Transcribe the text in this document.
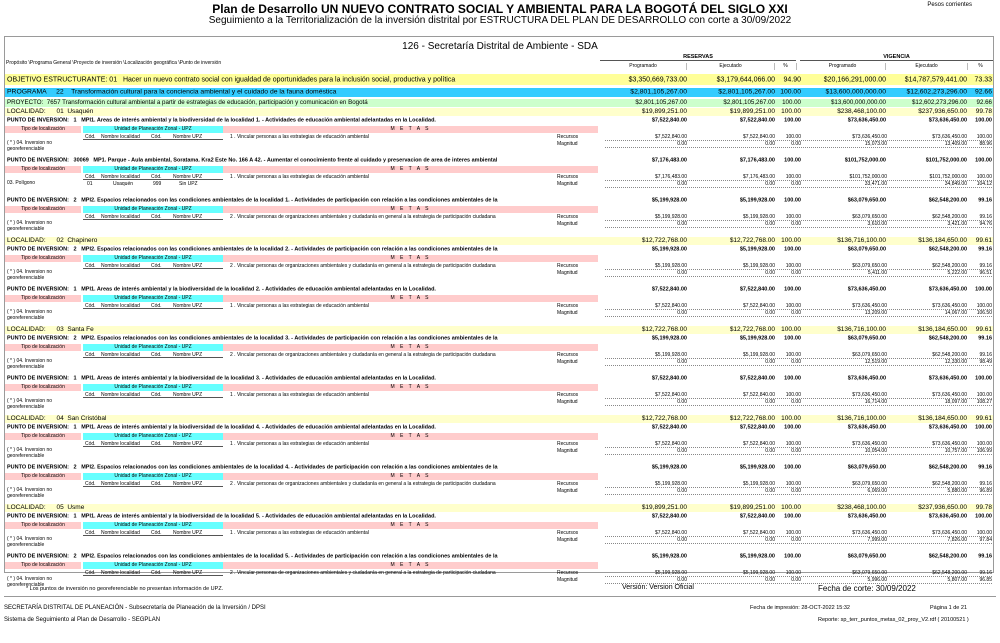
Plan de Desarrollo UN NUEVO CONTRATO SOCIAL Y AMBIENTAL PARA LA BOGOTÁ DEL SIGLO XXI
Seguimiento a la Territorialización de la inversión distrital por ESTRUCTURA DEL PLAN DE DESARROLLO con corte a 30/09/2022
Pesos corrientes
126 - Secretaría Distrital de Ambiente - SDA
Propósito \Programa General \Proyecto de inversión \Localización geográfica \Punto de inversión
RESERVAS	VIGENCIA
Programado	Ejecutado	%	Programado	Ejecutado	%
OBJETIVO ESTRUCTURANTE: 01 Hacer un nuevo contrato social con igualdad de oportunidades para la inclusión social, productiva y política	$3,350,669,733.00	$3,179,644,066.00	94.90	$20,166,291,000.00	$14,787,579,441.00	73.33
PROGRAMA 22 Transformación cultural para la conciencia ambiental y el cuidado de la fauna doméstica	$2,801,105,267.00	$2,801,105,267.00 100.00	$13,600,000,000.00	$12,602,273,296.00	92.66
PROYECTO: 7657 Transformación cultural ambiental a partir de estrategias de educación, participación y comunicación en Bogotá	$2,801,105,267.00	$2,801,105,267.00	100.00	$13,600,000,000.00	$12,602,273,296.00	92.66
LOCALIDAD: 01 Usaquén	$19,899,251.00	$19,899,251.00 100.00	$238,468,100.00	$237,936,650.00	99.78
PUNTO DE INVERSIÓN: 1 MPI1. Areas de interés ambiental y la biodiversidad de la localidad 1. - Actividades de educación ambiental adelantadas en la Localidad.	$7,522,840.00	$7,522,840.00	100.00	$73,636,450.00	$73,636,450.00	100.00
Tipo de localización	Unidad de Planeación Zonal - UPZ	M E T A S
Cód. Nombre localidad Cód. Nombre UPZ
( * ) 04. Inversion no georeferenciable
1 . Vincular personas a las estrategias de educación ambiental	Recursos
Magnitud
$7,522,840.00	$7,522,840.00	100.00	$73,636,450.00	$73,636,450.00	100.00
0.00	0.00	0.00	15,073.00	13,409.00	88.96
PUNTO DE INVERSIÓN: 30069 MP1. Parque - Aula ambiental, Soratama. Kra2 Este No. 166 A 42. - Aumentar el conocimiento frente al cuidado y preservacion de area de interes ambiental	$7,176,483.00	$7,176,483.00	100.00	$101,752,000.00	$101,752,000.00	100.00
Tipo de localización	Unidad de Planeación Zonal - UPZ	M E T A S
Cód. Nombre localidad Cód. Nombre UPZ
03. Polígono	01	Usaquén	999	Sin UPZ
1 . Vincular personas a las estrategias de educación ambiental	Recursos
Magnitud
$7,176,483.00	$7,176,483.00	100.00	$101,752,000.00	$101,752,000.00	100.00
0.00	0.00	0.00	33,471.00	34,849.00	104.12
PUNTO DE INVERSIÓN: 2 MPI2. Espacios relacionados con las condiciones ambientales de la localidad 1. - Actividades de participación con relación a las condiciones ambientales de la	$5,199,928.00	$5,199,928.00	100.00	$63,079,650.00	$62,548,200.00	99.16
Tipo de localización	Unidad de Planeación Zonal - UPZ	M E T A S
Cód. Nombre localidad Cód. Nombre UPZ
( * ) 04. Inversion no georeferenciable
2 . Vincular personas de organizaciones ambientales y ciudadanía en general a la estrategia de participación ciudadana	Recursos
Magnitud
$5,199,928.00	$5,199,928.00	100.00	$63,079,650.00	$62,548,200.00	99.16
0.00	0.00	0.00	3,610.00	3,421.00	94.76
LOCALIDAD: 02 Chapinero	$12,722,768.00	$12,722,768.00 100.00	$136,716,100.00	$136,184,650.00	99.61
PUNTO DE INVERSIÓN: 2 MPI2. Espacios relacionados con las condiciones ambientales de la localidad 2. - Actividades de participación con relación a las condiciones ambientales de la	$5,199,928.00	$5,199,928.00	100.00	$63,079,650.00	$62,548,200.00	99.16
Tipo de localización	Unidad de Planeación Zonal - UPZ	M E T A S
Cód. Nombre localidad Cód. Nombre UPZ
( * ) 04. Inversion no georeferenciable
2 . Vincular personas de organizaciones ambientales y ciudadanía en general a la estrategia de participación ciudadana	Recursos
Magnitud
$5,199,928.00	$5,199,928.00	100.00	$63,079,650.00	$62,548,200.00	99.16
0.00	0.00	0.00	5,411.00	5,222.00	96.51
PUNTO DE INVERSIÓN: 1 MPI1. Areas de interés ambiental y la biodiversidad de la localidad 2. - Actividades de educación ambiental adelantadas en la Localidad.	$7,522,840.00	$7,522,840.00	100.00	$73,636,450.00	$73,636,450.00	100.00
Tipo de localización	Unidad de Planeación Zonal - UPZ	M E T A S
Cód. Nombre localidad Cód. Nombre UPZ
( * ) 04. Inversion no georeferenciable
1 . Vincular personas a las estrategias de educación ambiental	Recursos
Magnitud
$7,522,840.00	$7,522,840.00	100.00	$73,636,450.00	$73,636,450.00	100.00
0.00	0.00	0.00	13,209.00	14,067.00	106.50
LOCALIDAD: 03 Santa Fe	$12,722,768.00	$12,722,768.00 100.00	$136,716,100.00	$136,184,650.00	99.61
PUNTO DE INVERSIÓN: 2 MPI2. Espacios relacionados con las condiciones ambientales de la localidad 3. - Actividades de participación con relación a las condiciones ambientales de la	$5,199,928.00	$5,199,928.00	100.00	$63,079,650.00	$62,548,200.00	99.16
Tipo de localización	Unidad de Planeación Zonal - UPZ	M E T A S
Cód. Nombre localidad Cód. Nombre UPZ
( * ) 04. Inversion no georeferenciable
2 . Vincular personas de organizaciones ambientales y ciudadanía en general a la estrategia de participación ciudadana	Recursos
Magnitud
$5,199,928.00	$5,199,928.00	100.00	$63,079,650.00	$62,548,200.00	99.16
0.00	0.00	0.00	12,519.00	12,330.00	98.49
PUNTO DE INVERSIÓN: 1 MPI1. Areas de interés ambiental y la biodiversidad de la localidad 3. - Actividades de educación ambiental adelantadas en la Localidad.	$7,522,840.00	$7,522,840.00	100.00	$73,636,450.00	$73,636,450.00	100.00
Tipo de localización	Unidad de Planeación Zonal - UPZ	M E T A S
Cód. Nombre localidad Cód. Nombre UPZ
( * ) 04. Inversion no georeferenciable
1 . Vincular personas a las estrategias de educación ambiental	Recursos
Magnitud
$7,522,840.00	$7,522,840.00	100.00	$73,636,450.00	$73,636,450.00	100.00
0.00	0.00	0.00	16,714.00	18,097.00	108.27
LOCALIDAD: 04 San Cristóbal	$12,722,768.00	$12,722,768.00 100.00	$136,716,100.00	$136,184,650.00	99.61
PUNTO DE INVERSIÓN: 1 MPI1. Areas de interés ambiental y la biodiversidad de la localidad 4. - Actividades de educación ambiental adelantadas en la Localidad.	$7,522,840.00	$7,522,840.00	100.00	$73,636,450.00	$73,636,450.00	100.00
Tipo de localización	Unidad de Planeación Zonal - UPZ	M E T A S
Cód. Nombre localidad Cód. Nombre UPZ
( * ) 04. Inversion no georeferenciable
1 . Vincular personas a las estrategias de educación ambiental	Recursos
Magnitud
$7,522,840.00	$7,522,840.00	100.00	$73,636,450.00	$73,636,450.00	100.00
0.00	0.00	0.00	10,054.00	10,757.00	106.99
PUNTO DE INVERSIÓN: 2 MPI2. Espacios relacionados con las condiciones ambientales de la localidad 4. - Actividades de participación con relación a las condiciones ambientales de la	$5,199,928.00	$5,199,928.00	100.00	$63,079,650.00	$62,548,200.00	99.16
Tipo de localización	Unidad de Planeación Zonal - UPZ	M E T A S
Cód. Nombre localidad Cód. Nombre UPZ
( * ) 04. Inversion no georeferenciable
2 . Vincular personas de organizaciones ambientales y ciudadanía en general a la estrategia de participación ciudadana	Recursos
Magnitud
$5,199,928.00	$5,199,928.00	100.00	$63,079,650.00	$62,548,200.00	99.16
0.00	0.00	0.00	6,069.00	5,880.00	96.89
LOCALIDAD: 05 Usme	$19,899,251.00	$19,899,251.00 100.00	$238,468,100.00	$237,936,650.00	99.78
PUNTO DE INVERSIÓN: 1 MPI1. Areas de interés ambiental y la biodiversidad de la localidad 5. - Actividades de educación ambiental adelantadas en la Localidad.	$7,522,840.00	$7,522,840.00	100.00	$73,636,450.00	$73,636,450.00	100.00
Tipo de localización	Unidad de Planeación Zonal - UPZ	M E T A S
Cód. Nombre localidad Cód. Nombre UPZ
( * ) 04. Inversion no georeferenciable
1 . Vincular personas a las estrategias de educación ambiental	Recursos
Magnitud
$7,522,840.00	$7,522,840.00	100.00	$73,636,450.00	$73,636,450.00	100.00
0.00	0.00	0.00	7,999.00	7,826.00	97.84
PUNTO DE INVERSIÓN: 2 MPI2. Espacios relacionados con las condiciones ambientales de la localidad 5. - Actividades de participación con relación a las condiciones ambientales de la	$5,199,928.00	$5,199,928.00	100.00	$63,079,650.00	$62,548,200.00	99.16
Tipo de localización	Unidad de Planeación Zonal - UPZ	M E T A S
Cód. Nombre localidad Cód. Nombre UPZ
( * ) 04. Inversion no georeferenciable
2 . Vincular personas de organizaciones ambientales y ciudadanía en general a la estrategia de participación ciudadana	Recursos
Magnitud
$5,199,928.00	$5,199,928.00	100.00	$63,079,650.00	$62,548,200.00	99.16
0.00	0.00	0.00	5,996.00	5,807.00	96.85
* Los puntos de inversión no georeferenciable no presentan información de UPZ.	Versión: Version Oficial	Fecha de corte: 30/09/2022
SECRETARÍA DISTRITAL DE PLANEACIÓN - Subsecretaría de Planeación de la Inversión / DPSI	Fecha de impresión: 28-OCT-2022 15:32	Página 1 de 21
Sistema de Seguimiento al Plan de Desarrollo - SEGPLAN	Reporte: sp_terr_puntos_metas_02_proy_V2.rdf ( 20100521 )
